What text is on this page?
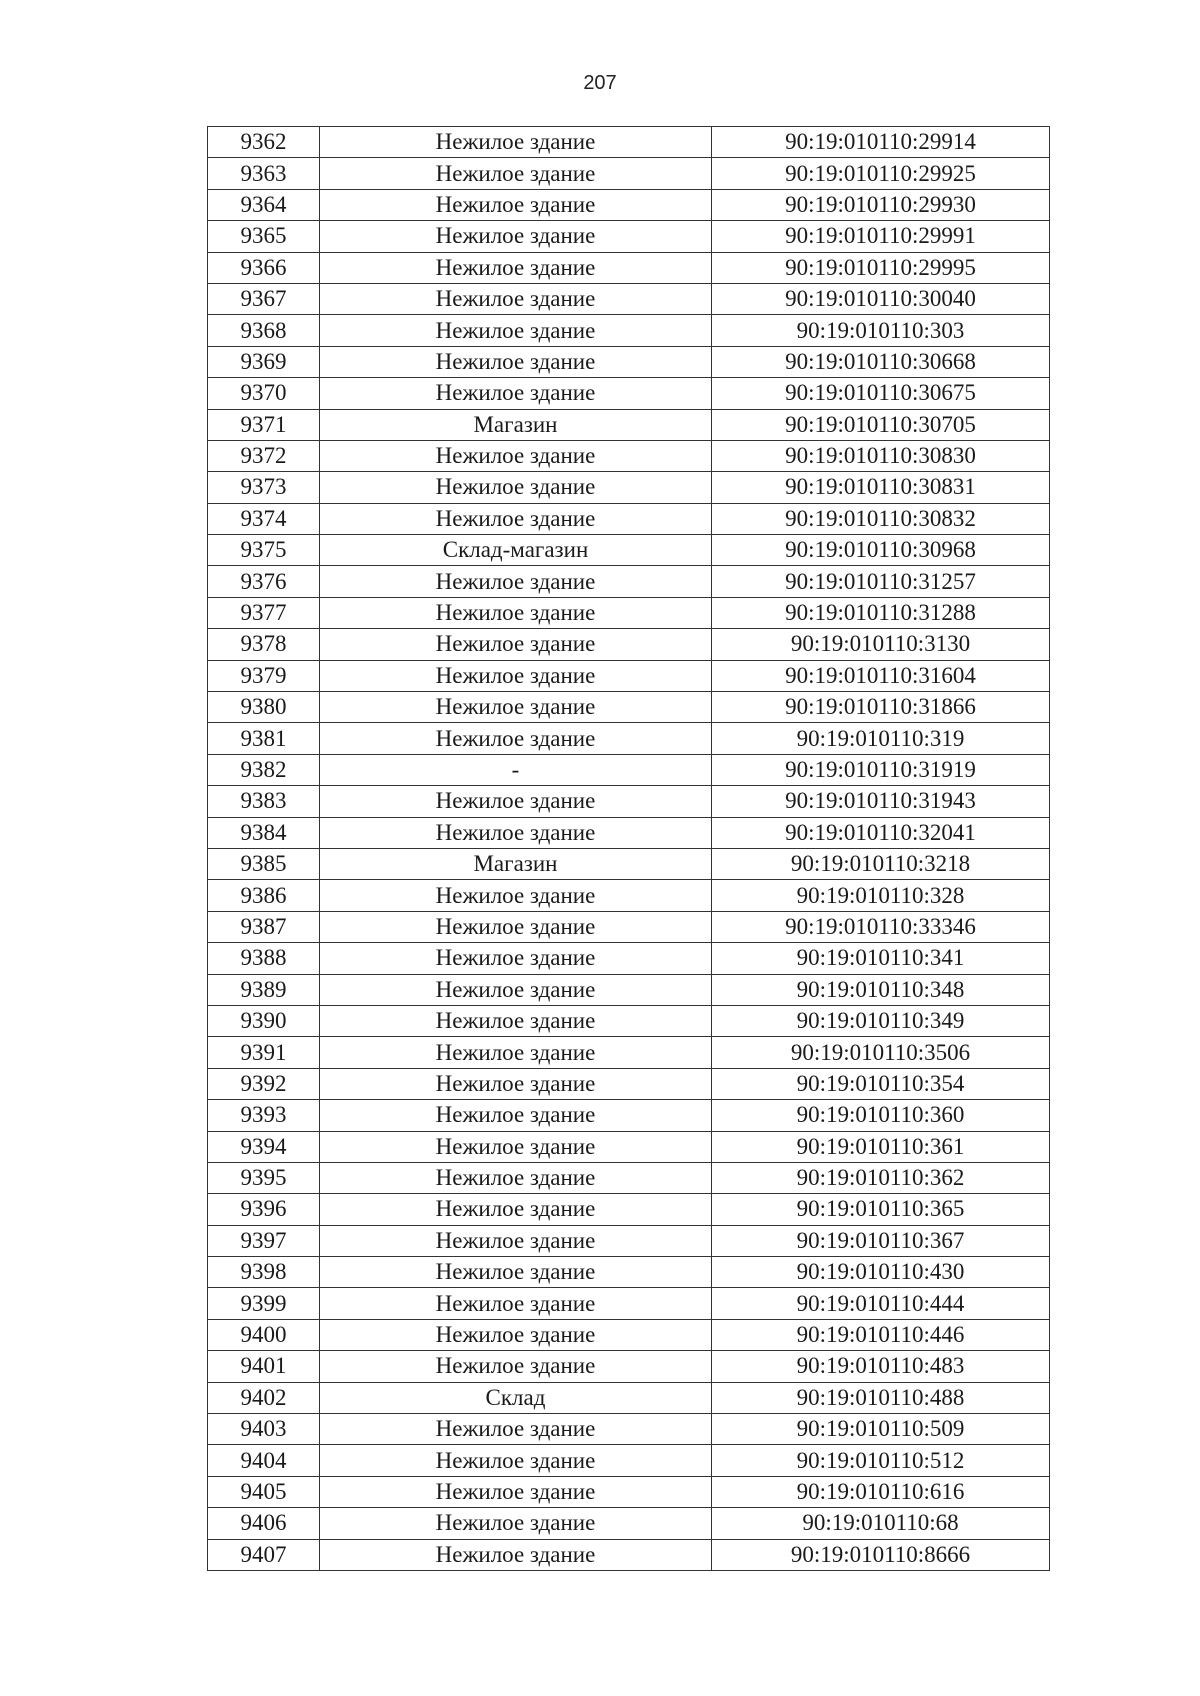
207
9362	Нежилое здание	90:19:010110:29914
9363	Нежилое здание	90:19:010110:29925
9364	Нежилое здание	90:19:010110:29930
9365	Нежилое здание	90:19:010110:29991
9366	Нежилое здание	90:19:010110:29995
9367	Нежилое здание	90:19:010110:30040
9368	Нежилое здание	90:19:010110:303
9369	Нежилое здание	90:19:010110:30668
9370	Нежилое здание	90:19:010110:30675
9371	Магазин	90:19:010110:30705
9372	Нежилое здание	90:19:010110:30830
9373	Нежилое здание	90:19:010110:30831
9374	Нежилое здание	90:19:010110:30832
9375	Склад-магазин	90:19:010110:30968
9376	Нежилое здание	90:19:010110:31257
9377	Нежилое здание	90:19:010110:31288
9378	Нежилое здание	90:19:010110:3130
9379	Нежилое здание	90:19:010110:31604
9380	Нежилое здание	90:19:010110:31866
9381	Нежилое здание	90:19:010110:319
9382	-	90:19:010110:31919
9383	Нежилое здание	90:19:010110:31943
9384	Нежилое здание	90:19:010110:32041
9385	Магазин	90:19:010110:3218
9386	Нежилое здание	90:19:010110:328
9387	Нежилое здание	90:19:010110:33346
9388	Нежилое здание	90:19:010110:341
9389	Нежилое здание	90:19:010110:348
9390	Нежилое здание	90:19:010110:349
9391	Нежилое здание	90:19:010110:3506
9392	Нежилое здание	90:19:010110:354
9393	Нежилое здание	90:19:010110:360
9394	Нежилое здание	90:19:010110:361
9395	Нежилое здание	90:19:010110:362
9396	Нежилое здание	90:19:010110:365
9397	Нежилое здание	90:19:010110:367
9398	Нежилое здание	90:19:010110:430
9399	Нежилое здание	90:19:010110:444
9400	Нежилое здание	90:19:010110:446
9401	Нежилое здание	90:19:010110:483
9402	Склад	90:19:010110:488
9403	Нежилое здание	90:19:010110:509
9404	Нежилое здание	90:19:010110:512
9405	Нежилое здание	90:19:010110:616
9406	Нежилое здание	90:19:010110:68
9407	Нежилое здание	90:19:010110:8666
